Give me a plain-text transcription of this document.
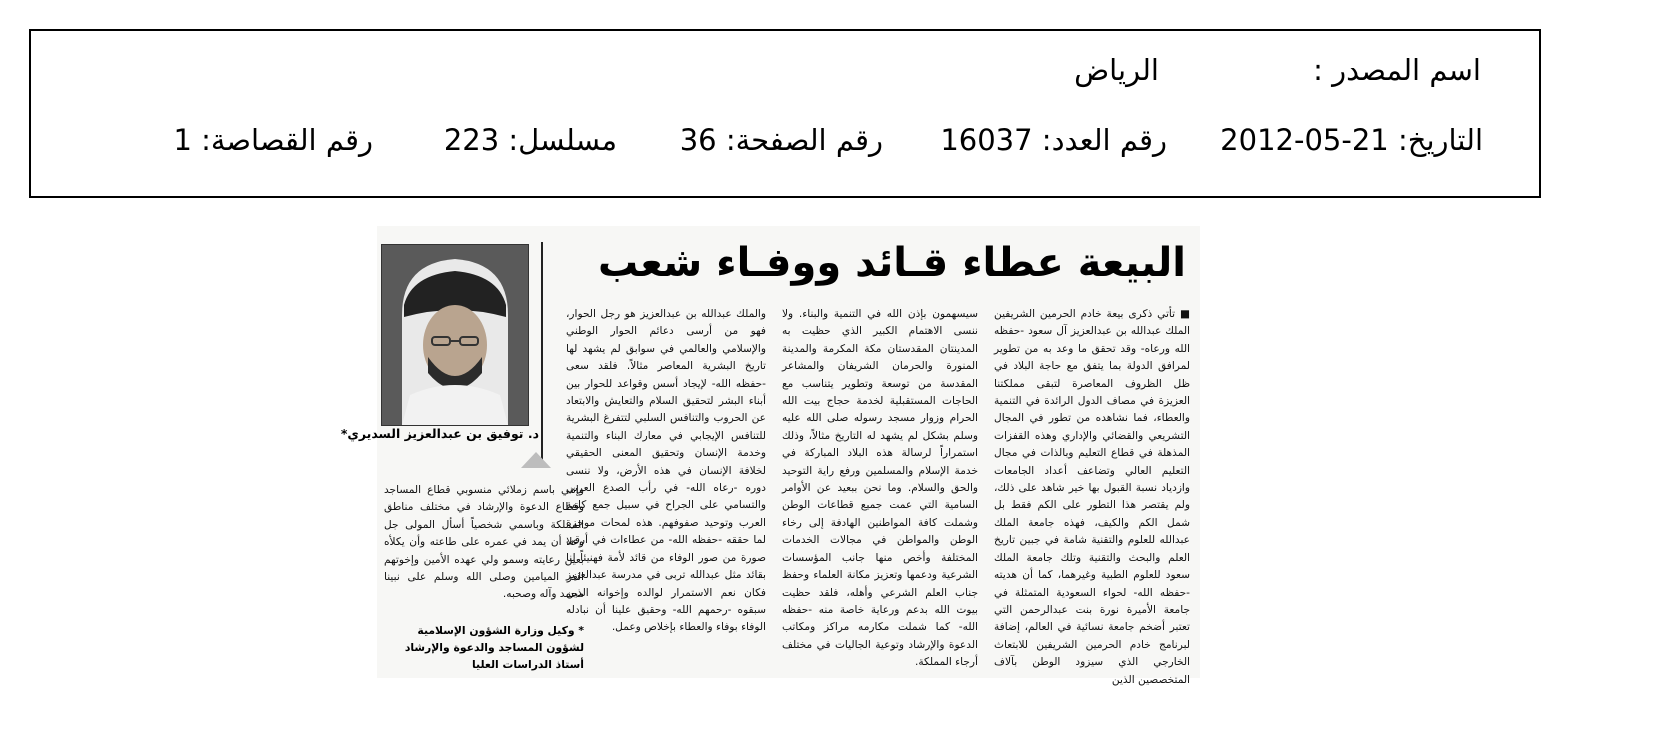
اسم المصدر :
الرياض
التاريخ: 21-05-2012
رقم العدد: 16037
رقم الصفحة: 36
مسلسل: 223
رقم القصاصة: 1
البيعة عطاء قـائد ووفـاء شعب
■ تأتي ذكرى بيعة خادم الحرمين الشريفين الملك عبدالله بن عبدالعزيز آل سعود -حفظه الله ورعاه- وقد تحقق ما وعد به من تطوير لمرافق الدولة بما يتفق مع حاجة البلاد في ظل الظروف المعاصرة لتبقى مملكتنا العزيزة في مصاف الدول الرائدة في التنمية والعطاء، فما نشاهده من تطور في المجال التشريعي والقضائي والإداري وهذه القفزات المذهلة في قطاع التعليم وبالذات في مجال التعليم العالي وتضاعف أعداد الجامعات وازدياد نسبة القبول بها خير شاهد على ذلك، ولم يقتصر هذا التطور على الكم فقط بل شمل الكم والكيف، فهذه جامعة الملك عبدالله للعلوم والتقنية شامة في جبين تاريخ العلم والبحث والتقنية وتلك جامعة الملك سعود للعلوم الطبية وغيرهما، كما أن هديته -حفظه الله- لحواء السعودية المتمثلة في جامعة الأميرة نورة بنت عبدالرحمن التي تعتبر أضخم جامعة نسائية في العالم، إضافة لبرنامج خادم الحرمين الشريفين للابتعاث الخارجي الذي سيزود الوطن بآلاف المتخصصين الذين
سيسهمون بإذن الله في التنمية والبناء. ولا ننسى الاهتمام الكبير الذي حظيت به المدينتان المقدستان مكة المكرمة والمدينة المنورة والحرمان الشريفان والمشاعر المقدسة من توسعة وتطوير يتناسب مع الحاجات المستقبلية لخدمة حجاج بيت الله الحرام وزوار مسجد رسوله صلى الله عليه وسلم بشكل لم يشهد له التاريخ مثالاً، وذلك استمراراً لرسالة هذه البلاد المباركة في خدمة الإسلام والمسلمين ورفع راية التوحيد والحق والسلام. وما نحن ببعيد عن الأوامر السامية التي عمت جميع قطاعات الوطن وشملت كافة المواطنين الهادفة إلى رخاء الوطن والمواطن في مجالات الخدمات المختلفة وأخص منها جانب المؤسسات الشرعية ودعمها وتعزيز مكانة العلماء وحفظ جناب العلم الشرعي وأهله، فلقد حظيت بيوت الله بدعم ورعاية خاصة منه -حفظه الله- كما شملت مكارمه مراكز ومكاتب الدعوة والإرشاد وتوعية الجاليات في مختلف أرجاء المملكة.
والملك عبدالله بن عبدالعزيز هو رجل الحوار، فهو من أرسى دعائم الحوار الوطني والإسلامي والعالمي في سوابق لم يشهد لها تاريخ البشرية المعاصر مثالاً. فلقد سعى -حفظه الله- لإيجاد أسس وقواعد للحوار بين أبناء البشر لتحقيق السلام والتعايش والابتعاد عن الحروب والتنافس السلبي لتتفرغ البشرية للتنافس الإيجابي في معارك البناء والتنمية وخدمة الإنسان وتحقيق المعنى الحقيقي لخلافة الإنسان في هذه الأرض، ولا ننسى دوره -رعاه الله- في رأب الصدع العربي والتسامي على الجراح في سبيل جمع كلمة العرب وتوحيد صفوفهم. هذه لمحات موجزة لما حققه -حفظه الله- من عطاءات في أرقى صورة من صور الوفاء من قائد لأمة فهنيئاً لنا بقائد مثل عبدالله تربى في مدرسة عبدالعزيز فكان نعم الاستمرار لوالده وإخوانه الذين سبقوه -رحمهم الله- وحقيق علينا أن نبادله الوفاء بوفاء والعطاء بإخلاص وعمل.
وإنني باسم زملائي منسوبي قطاع المساجد وقطاع الدعوة والإرشاد في مختلف مناطق المملكة وباسمي شخصياً أسأل المولى جل وعلا أن يمد في عمره على طاعته وأن يكلأه بعين رعايته وسمو ولي عهده الأمين وإخوتهم الغر الميامين وصلى الله وسلم على نبينا محمد وآله وصحبه.
* وكيل وزارة الشؤون الإسلامية لشؤون المساجد والدعوة والإرشاد أستاذ الدراسات العليا
د. توفيق بن عبدالعزيز السديري*
